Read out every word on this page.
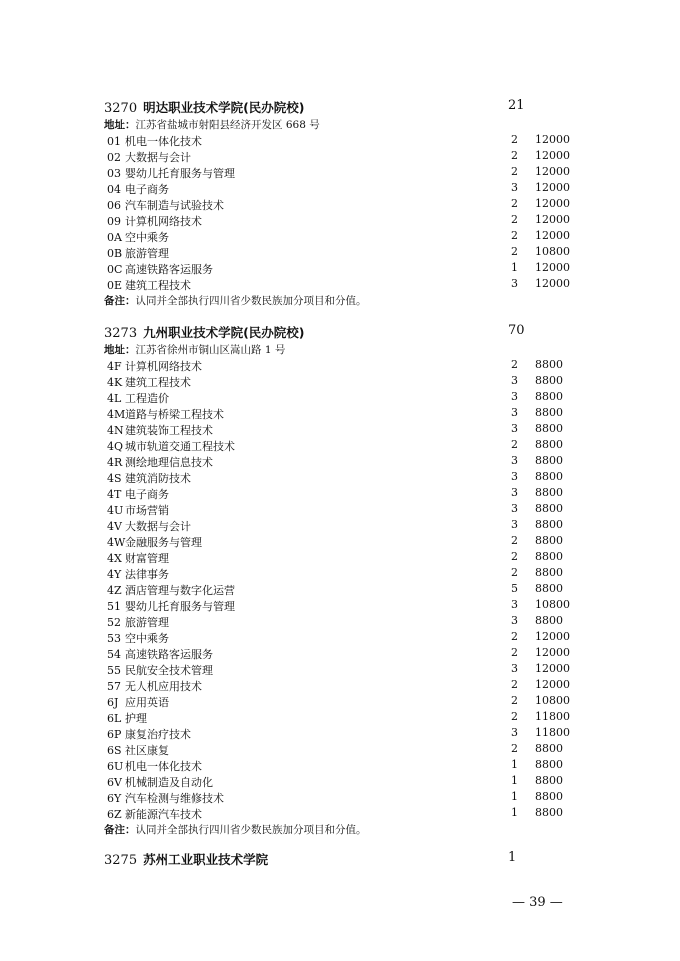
3270 明达职业技术学院(民办院校)	21
地址：江苏省盐城市射阳县经济开发区 668 号
01 机电一体化技术	2 12000
02 大数据与会计	2 12000
03 婴幼儿托育服务与管理	2 12000
04 电子商务	3 12000
06 汽车制造与试验技术	2 12000
09 计算机网络技术	2 12000
0A 空中乘务	2 12000
0B 旅游管理	2 10800
0C 高速铁路客运服务	1 12000
0E 建筑工程技术	3 12000
备注：认同并全部执行四川省少数民族加分项目和分值。
3273 九州职业技术学院(民办院校)	70
地址：江苏省徐州市铜山区嵩山路 1 号
4F 计算机网络技术	2 8800
4K 建筑工程技术	3 8800
4L 工程造价	3 8800
4M道路与桥梁工程技术	3 8800
4N建筑装饰工程技术	3 8800
4Q 城市轨道交通工程技术	2 8800
4R 测绘地理信息技术	3 8800
4S 建筑消防技术	3 8800
4T 电子商务	3 8800
4U 市场营销	3 8800
4V 大数据与会计	3 8800
4W金融服务与管理	2 8800
4X 财富管理	2 8800
4Y 法律事务	2 8800
4Z 酒店管理与数字化运营	5 8800
51 婴幼儿托育服务与管理	3 10800
52 旅游管理	3 8800
53 空中乘务	2 12000
54 高速铁路客运服务	2 12000
55 民航安全技术管理	3 12000
57 无人机应用技术	2 12000
6J 应用英语	2 10800
6L 护理	2 11800
6P 康复治疗技术	3 11800
6S 社区康复	2 8800
6U 机电一体化技术	1 8800
6V 机械制造及自动化	1 8800
6Y 汽车检测与维修技术	1 8800
6Z 新能源汽车技术	1 8800
备注：认同并全部执行四川省少数民族加分项目和分值。
3275 苏州工业职业技术学院	1
— 39 —
